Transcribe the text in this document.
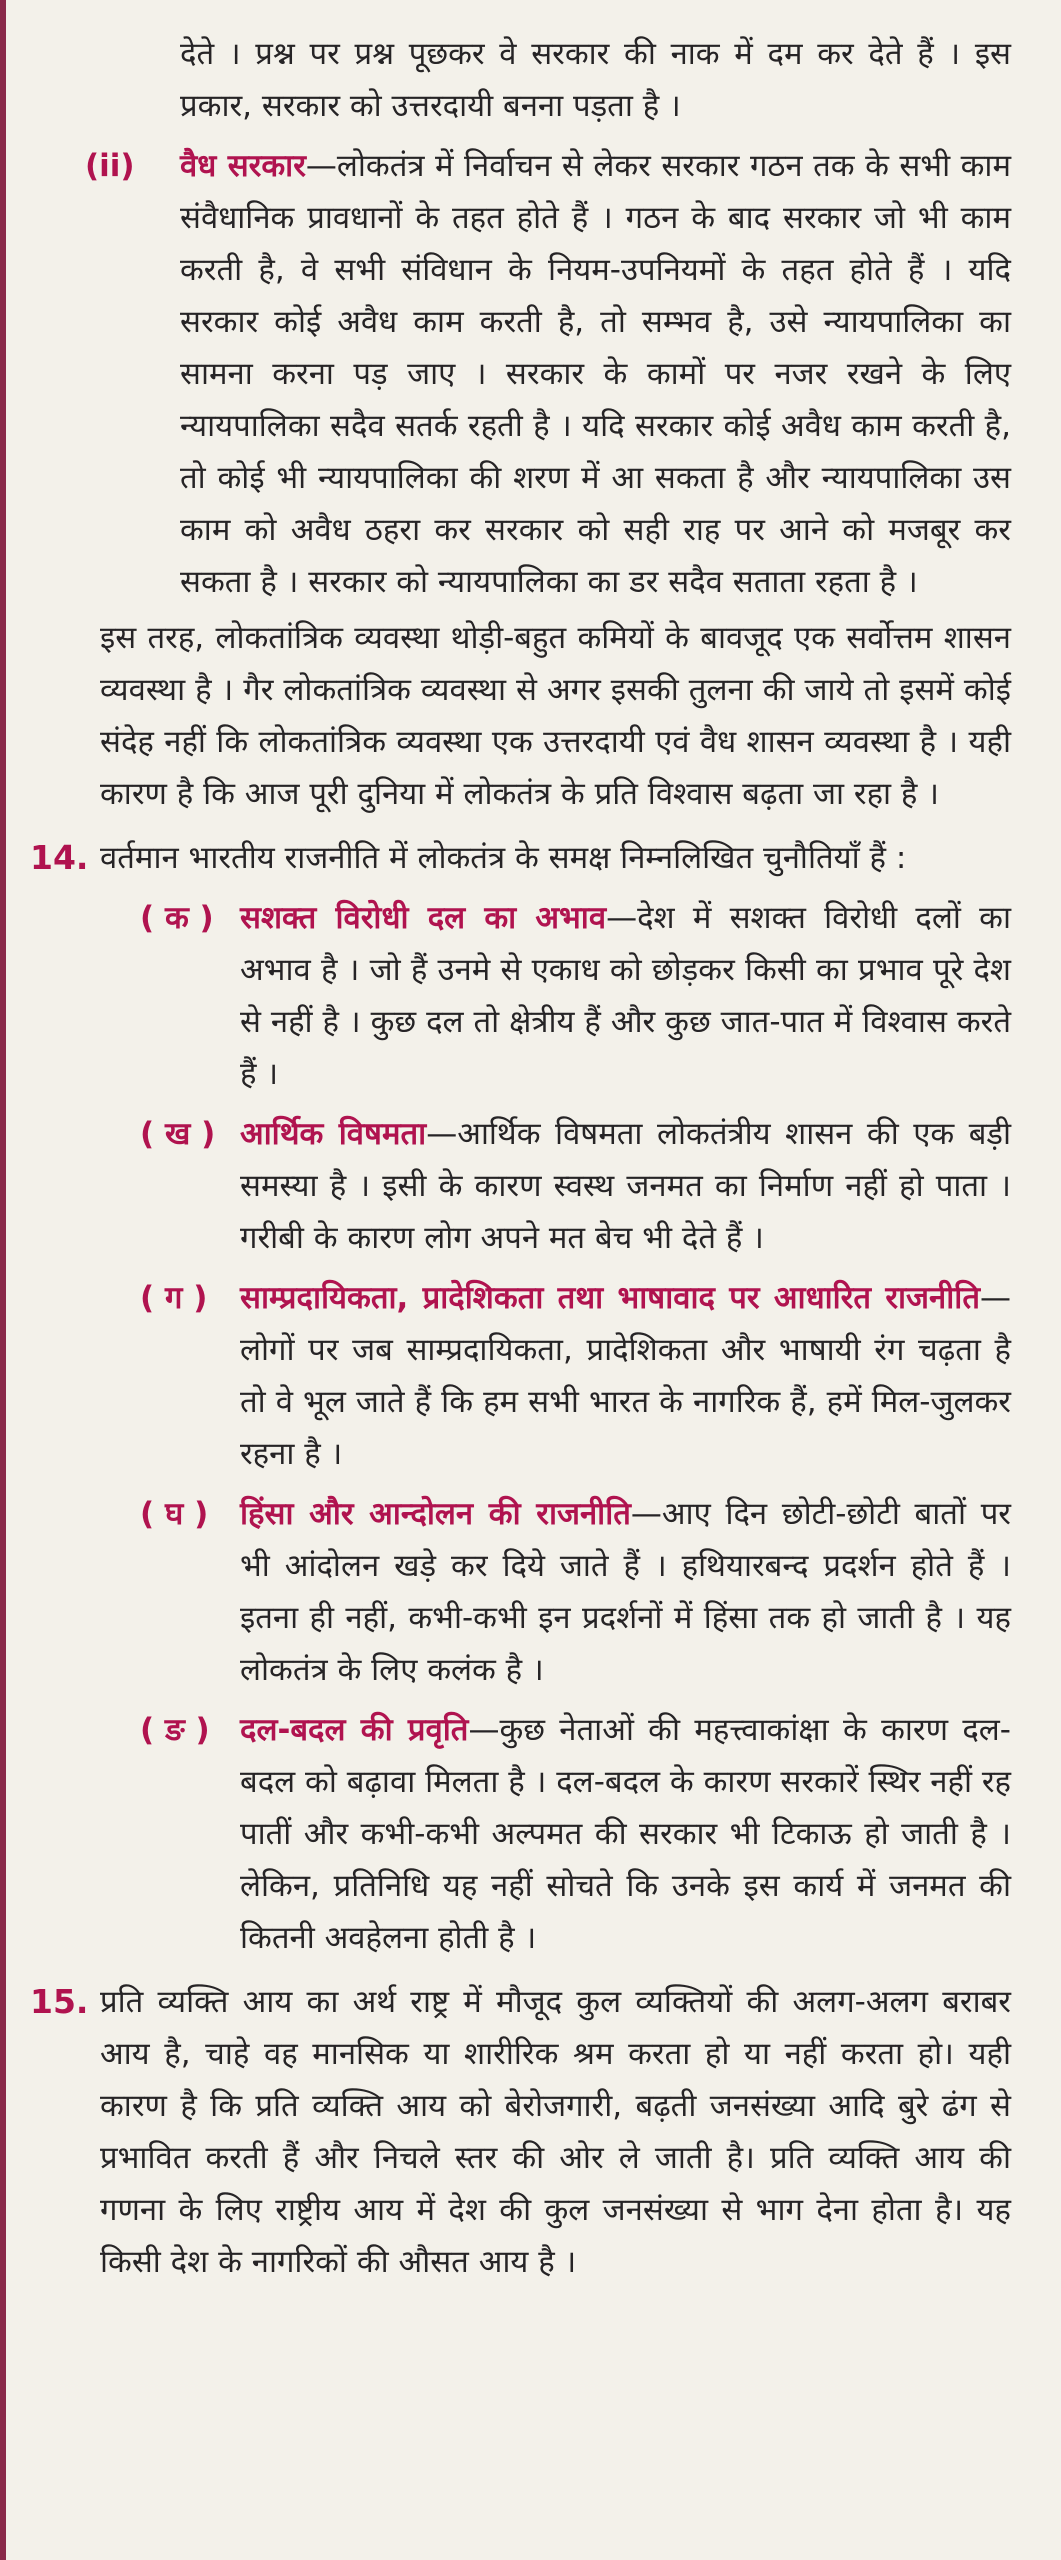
देते । प्रश्न पर प्रश्न पूछकर वे सरकार की नाक में दम कर देते हैं । इस प्रकार, सरकार को उत्तरदायी बनना पड़ता है ।
(ii) वैध सरकार—लोकतंत्र में निर्वाचन से लेकर सरकार गठन तक के सभी काम संवैधानिक प्रावधानों के तहत होते हैं । गठन के बाद सरकार जो भी काम करती है, वे सभी संविधान के नियम-उपनियमों के तहत होते हैं । यदि सरकार कोई अवैध काम करती है, तो सम्भव है, उसे न्यायपालिका का सामना करना पड़ जाए । सरकार के कामों पर नजर रखने के लिए न्यायपालिका सदैव सतर्क रहती है । यदि सरकार कोई अवैध काम करती है, तो कोई भी न्यायपालिका की शरण में आ सकता है और न्यायपालिका उस काम को अवैध ठहरा कर सरकार को सही राह पर आने को मजबूर कर सकता है । सरकार को न्यायपालिका का डर सदैव सताता रहता है ।
इस तरह, लोकतांत्रिक व्यवस्था थोड़ी-बहुत कमियों के बावजूद एक सर्वोत्तम शासन व्यवस्था है । गैर लोकतांत्रिक व्यवस्था से अगर इसकी तुलना की जाये तो इसमें कोई संदेह नहीं कि लोकतांत्रिक व्यवस्था एक उत्तरदायी एवं वैध शासन व्यवस्था है । यही कारण है कि आज पूरी दुनिया में लोकतंत्र के प्रति विश्वास बढ़ता जा रहा है ।
14. वर्तमान भारतीय राजनीति में लोकतंत्र के समक्ष निम्नलिखित चुनौतियाँ हैं :
( क ) सशक्त विरोधी दल का अभाव—देश में सशक्त विरोधी दलों का अभाव है । जो हैं उनमे से एकाध को छोड़कर किसी का प्रभाव पूरे देश से नहीं है । कुछ दल तो क्षेत्रीय हैं और कुछ जात-पात में विश्वास करते हैं ।
( ख ) आर्थिक विषमता—आर्थिक विषमता लोकतंत्रीय शासन की एक बड़ी समस्या है । इसी के कारण स्वस्थ जनमत का निर्माण नहीं हो पाता । गरीबी के कारण लोग अपने मत बेच भी देते हैं ।
( ग ) साम्प्रदायिकता, प्रादेशिकता तथा भाषावाद पर आधारित राजनीति—लोगों पर जब साम्प्रदायिकता, प्रादेशिकता और भाषायी रंग चढ़ता है तो वे भूल जाते हैं कि हम सभी भारत के नागरिक हैं, हमें मिल-जुलकर रहना है ।
( घ ) हिंसा और आन्दोलन की राजनीति—आए दिन छोटी-छोटी बातों पर भी आंदोलन खड़े कर दिये जाते हैं । हथियारबन्द प्रदर्शन होते हैं । इतना ही नहीं, कभी-कभी इन प्रदर्शनों में हिंसा तक हो जाती है । यह लोकतंत्र के लिए कलंक है ।
( ङ ) दल-बदल की प्रवृति—कुछ नेताओं की महत्त्वाकांक्षा के कारण दल-बदल को बढ़ावा मिलता है । दल-बदल के कारण सरकारें स्थिर नहीं रह पातीं और कभी-कभी अल्पमत की सरकार भी टिकाऊ हो जाती है । लेकिन, प्रतिनिधि यह नहीं सोचते कि उनके इस कार्य में जनमत की कितनी अवहेलना होती है ।
15. प्रति व्यक्ति आय का अर्थ राष्ट्र में मौजूद कुल व्यक्तियों की अलग-अलग बराबर आय है, चाहे वह मानसिक या शारीरिक श्रम करता हो या नहीं करता हो। यही कारण है कि प्रति व्यक्ति आय को बेरोजगारी, बढ़ती जनसंख्या आदि बुरे ढंग से प्रभावित करती हैं और निचले स्तर की ओर ले जाती है। प्रति व्यक्ति आय की गणना के लिए राष्ट्रीय आय में देश की कुल जनसंख्या से भाग देना होता है। यह किसी देश के नागरिकों की औसत आय है ।
